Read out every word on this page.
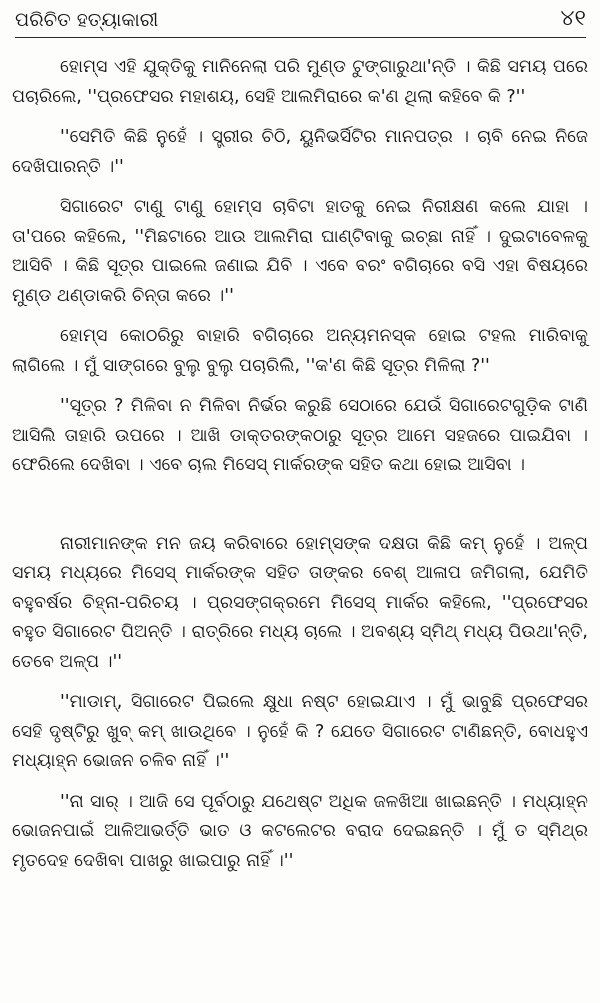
ପରିଚିତ ହତ୍ୟାକାରୀ	୪୧

ହୋମ୍‌ସ ଏହି ଯୁକ୍ତିକୁ ମାନିନେଲା ପରି ମୁଣ୍ଡ ଟୁଙ୍ଗାରୁଥା'ନ୍ତି । କିଛି ସମୟ ପରେ ପଚାରିଲେ, ''ପ୍ରଫେସର ମହାଶୟ, ସେହି ଆଲମିରାରେ କ'ଣ ଥିଲା କହିବେ କି ?''

''ସେମିତି କିଛି ନୁହେଁ । ସ୍ତ୍ରୀର ଚିଠି, ୟୁନିଭର୍ସିଟିର ମାନପତ୍ର । ଚାବି ନେଇ ନିଜେ ଦେଖିପାରନ୍ତି ।''

ସିଗାରେଟ ଟାଣୁ ଟାଣୁ ହୋମ୍‌ସ ଚାବିଟା ହାତକୁ ନେଇ ନିରୀକ୍ଷଣ କଲେ ଯାହା । ତା'ପରେ କହିଲେ, ''ମିଛଟାରେ ଆଉ ଆଲମିରା ଘାଣ୍ଟିବାକୁ ଇଚ୍ଛା ନାହିଁ । ଦୁଇଟାବେଳକୁ ଆସିବି । କିଛି ସୂତ୍ର ପାଇଲେ ଜଣାଇ ଯିବି । ଏବେ ବରଂ ବଗିଚାରେ ବସି ଏହା ବିଷୟରେ ମୁଣ୍ଡ ଥଣ୍ଡାକରି ଚିନ୍ତା କରେ ।''

ହୋମ୍‌ସ କୋଠରିରୁ ବାହାରି ବଗିଚାରେ ଅନ୍ୟମନସ୍କ ହୋଇ ଟହଲ ମାରିବାକୁ ଲାଗିଲେ । ମୁଁ ସାଙ୍ଗରେ ବୁଲୁ ବୁଲୁ ପଚାରିଲି, ''କ'ଣ କିଛି ସୂତ୍ର ମିଳିଲା ?''

''ସୂତ୍ର ? ମିଳିବା ନ ମିଳିବା ନିର୍ଭର କରୁଛି ସେଠାରେ ଯେଉଁ ସିଗାରେଟଗୁଡ଼ିକ ଟାଣି ଆସିଲି ତାହାରି ଉପରେ । ଆଖି ଡାକ୍ତରଙ୍କଠାରୁ ସୂତ୍ର ଆମେ ସହଜରେ ପାଇଯିବା । ଫେରିଲେ ଦେଖିବା । ଏବେ ଚାଲ ମିସେସ୍ ମାର୍କରଙ୍କ ସହିତ କଥା ହୋଇ ଆସିବା ।

ନାରୀମାନଙ୍କ ମନ ଜୟ କରିବାରେ ହୋମ୍‌ସଙ୍କ ଦକ୍ଷତା କିଛି କମ୍ ନୁହେଁ । ଅଳ୍ପ ସମୟ ମଧ୍ୟରେ ମିସେସ୍ ମାର୍କରଙ୍କ ସହିତ ତାଙ୍କର ବେଶ୍ ଆଳାପ ଜମିଗଲା, ଯେମିତି ବହୁବର୍ଷର ଚିହ୍ନା-ପରିଚୟ । ପ୍ରସଙ୍ଗକ୍ରମେ ମିସେସ୍ ମାର୍କର କହିଲେ, ''ପ୍ରଫେସର ବହୁତ ସିଗାରେଟ ପିଅନ୍ତି । ରାତ୍ରିରେ ମଧ୍ୟ ଚାଲେ । ଅବଶ୍ୟ ସ୍ମିଥ୍ ମଧ୍ୟ ପିଉଥା'ନ୍ତି, ତେବେ ଅଳ୍ପ ।''

''ମାଡାମ୍, ସିଗାରେଟ ପିଇଲେ କ୍ଷୁଧା ନଷ୍ଟ ହୋଇଯାଏ । ମୁଁ ଭାବୁଛି ପ୍ରଫେସର ସେହି ଦୃଷ୍ଟିରୁ ଖୁବ୍ କମ୍ ଖାଉଥିବେ । ନୁହେଁ କି ? ଯେତେ ସିଗାରେଟ ଟାଣିଛନ୍ତି, ବୋଧହୁଏ ମଧ୍ୟାହ୍ନ ଭୋଜନ ଚଳିବ ନାହିଁ ।''

''ନା ସାର୍ । ଆଜି ସେ ପୂର୍ବଠାରୁ ଯଥେଷ୍ଟ ଅଧିକ ଜଳଖିଆ ଖାଇଛନ୍ତି । ମଧ୍ୟାହ୍ନ ଭୋଜନପାଇଁ ଆଳିଆଭର୍ତ୍ତି ଭାତ ଓ କଟଲେଟର ବରାଦ ଦେଇଛନ୍ତି । ମୁଁ ତ ସ୍ମିଥ୍‌ର ମୃତଦେହ ଦେଖିବା ପାଖରୁ ଖାଇପାରୁ ନାହିଁ ।''
